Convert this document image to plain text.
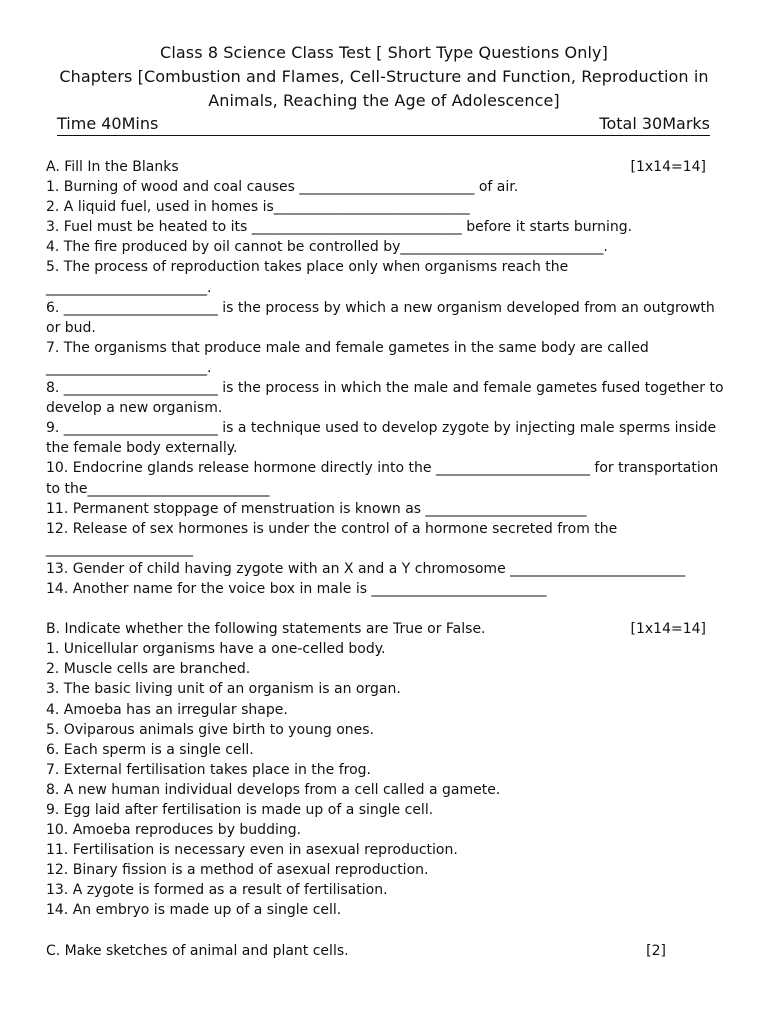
Class 8 Science Class Test [ Short Type Questions Only]
Chapters [Combustion and Flames, Cell-Structure and Function, Reproduction in
Animals, Reaching the Age of Adolescence]
Time 40Mins	Total 30Marks
A. Fill In the Blanks	[1x14=14]
1. Burning of wood and coal causes _________________________ of air.
2. A liquid fuel, used in homes is____________________________
3. Fuel must be heated to its ______________________________ before it starts burning.
4. The fire produced by oil cannot be controlled by_____________________________.
5. The process of reproduction takes place only when organisms reach the
_______________________.
6. ______________________ is the process by which a new organism developed from an outgrowth
or bud.
7. The organisms that produce male and female gametes in the same body are called
_______________________.
8. ______________________ is the process in which the male and female gametes fused together to
develop a new organism.
9. ______________________ is a technique used to develop zygote by injecting male sperms inside
the female body externally.
10. Endocrine glands release hormone directly into the ______________________ for transportation
to the__________________________
11. Permanent stoppage of menstruation is known as _______________________
12. Release of sex hormones is under the control of a hormone secreted from the
_____________________
13. Gender of child having zygote with an X and a Y chromosome _________________________
14. Another name for the voice box in male is _________________________
B. Indicate whether the following statements are True or False.	[1x14=14]
1. Unicellular organisms have a one-celled body.
2. Muscle cells are branched.
3. The basic living unit of an organism is an organ.
4. Amoeba has an irregular shape.
5. Oviparous animals give birth to young ones.
6. Each sperm is a single cell.
7. External fertilisation takes place in the frog.
8. A new human individual develops from a cell called a gamete.
9. Egg laid after fertilisation is made up of a single cell.
10. Amoeba reproduces by budding.
11. Fertilisation is necessary even in asexual reproduction.
12. Binary fission is a method of asexual reproduction.
13. A zygote is formed as a result of fertilisation.
14. An embryo is made up of a single cell.
C. Make sketches of animal and plant cells.	[2]
